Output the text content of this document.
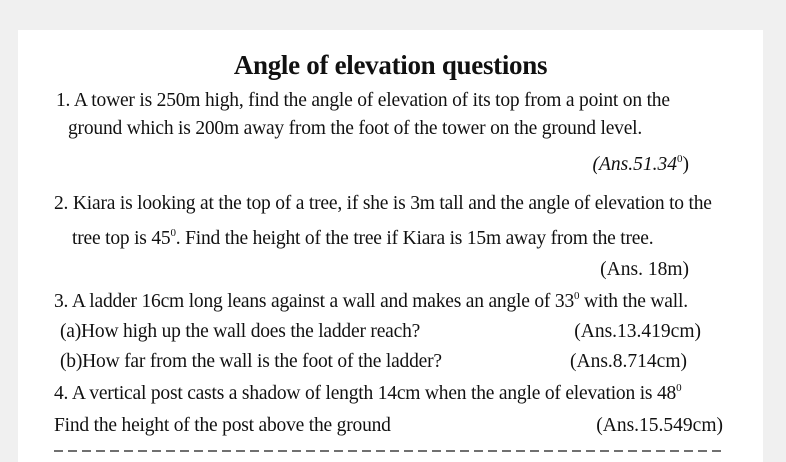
Angle of elevation questions
1. A tower is 250m high, find the angle of elevation of its top from a point on the
ground which is 200m away from the foot of the tower on the ground level.
(Ans.51.34$^0$)
2. Kiara is looking at the top of a tree, if she is 3m tall and the angle of elevation to the
tree top is $45^0$. Find the height of the tree if Kiara is 15m away from the tree.
(Ans. 18m)
3. A ladder 16cm long leans against a wall and makes an angle of $33^0$ with the wall.
(a)How high up the wall does the ladder reach?	(Ans.13.419cm)
(b)How far from the wall is the foot of the ladder?	(Ans.8.714cm)
4. A vertical post casts a shadow of length 14cm when the angle of elevation is $48^0$
Find the height of the post above the ground	(Ans.15.549cm)
